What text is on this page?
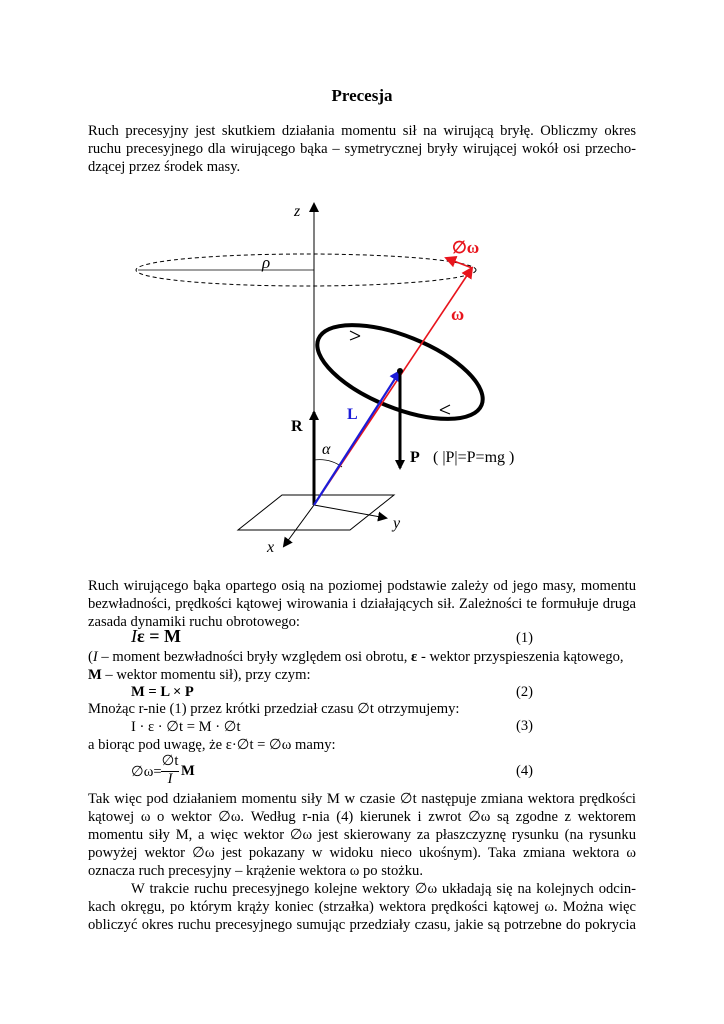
Precesja
Ruch precesyjny jest skutkiem działania momentu sił na wirującą bryłę. Obliczmy okres
ruchu precesyjnego dla wirującego bąka – symetrycznej bryły wirującej wokół osi przecho-
dzącej przez środek masy.
z
ρ
∅ω
ω
L
R
α	P ( |P|=P=mg )
y
x
Ruch wirującego bąka opartego osią na poziomej podstawie zależy od jego masy, momentu
bezwładności, prędkości kątowej wirowania i działających sił. Zależności te formułuje druga
zasada dynamiki ruchu obrotowego:
Iε = M	(1)
(I – moment bezwładności bryły względem osi obrotu, ε - wektor przyspieszenia kątowego,
M – wektor momentu sił), przy czym:
M = L × P	(2)
Mnożąc r-nie (1) przez krótki przedział czasu ∅t otrzymujemy:
I · ε · ∅t = M · ∅t	(3)
a biorąc pod uwagę, że ε·∅t = ∅ω mamy:
∅ω=
∅t
I M	(4)
Tak więc pod działaniem momentu siły M w czasie ∅t następuje zmiana wektora prędkości
kątowej ω o wektor ∅ω. Według r-nia (4) kierunek i zwrot ∅ω są zgodne z wektorem
momentu siły M, a więc wektor ∅ω jest skierowany za płaszczyznę rysunku (na rysunku
powyżej wektor ∅ω jest pokazany w widoku nieco ukośnym). Taka zmiana wektora ω
oznacza ruch precesyjny – krążenie wektora ω po stożku.
W trakcie ruchu precesyjnego kolejne wektory ∅ω układają się na kolejnych odcin-
kach okręgu, po którym krąży koniec (strzałka) wektora prędkości kątowej ω. Można więc
obliczyć okres ruchu precesyjnego sumując przedziały czasu, jakie są potrzebne do pokrycia
